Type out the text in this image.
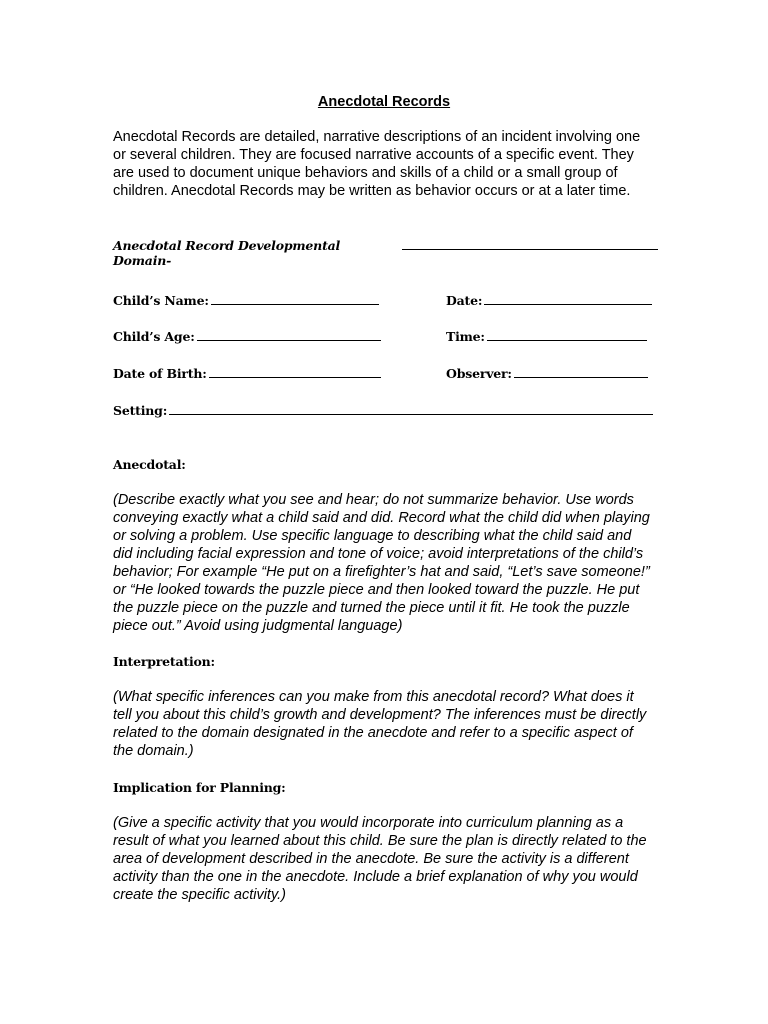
Anecdotal Records

Anecdotal Records are detailed, narrative descriptions of an incident involving one or several children. They are focused narrative accounts of a specific event. They are used to document unique behaviors and skills of a child or a small group of children. Anecdotal Records may be written as behavior occurs or at a later time.

Anecdotal Record Developmental Domain-
Child’s Name:	Date:
Child’s Age:	Time:
Date of Birth:	Observer:
Setting:
Anecdotal:

(Describe exactly what you see and hear; do not summarize behavior. Use words conveying exactly what a child said and did. Record what the child did when playing or solving a problem. Use specific language to describing what the child said and did including facial expression and tone of voice; avoid interpretations of the child’s behavior; For example “He put on a firefighter’s hat and said, “Let’s save someone!” or “He looked towards the puzzle piece and then looked toward the puzzle. He put the puzzle piece on the puzzle and turned the piece until it fit. He took the puzzle piece out.” Avoid using judgmental language)

Interpretation:

(What specific inferences can you make from this anecdotal record? What does it tell you about this child’s growth and development? The inferences must be directly related to the domain designated in the anecdote and refer to a specific aspect of the domain.)

Implication for Planning:

(Give a specific activity that you would incorporate into curriculum planning as a result of what you learned about this child. Be sure the plan is directly related to the area of development described in the anecdote. Be sure the activity is a different activity than the one in the anecdote. Include a brief explanation of why you would create the specific activity.)
